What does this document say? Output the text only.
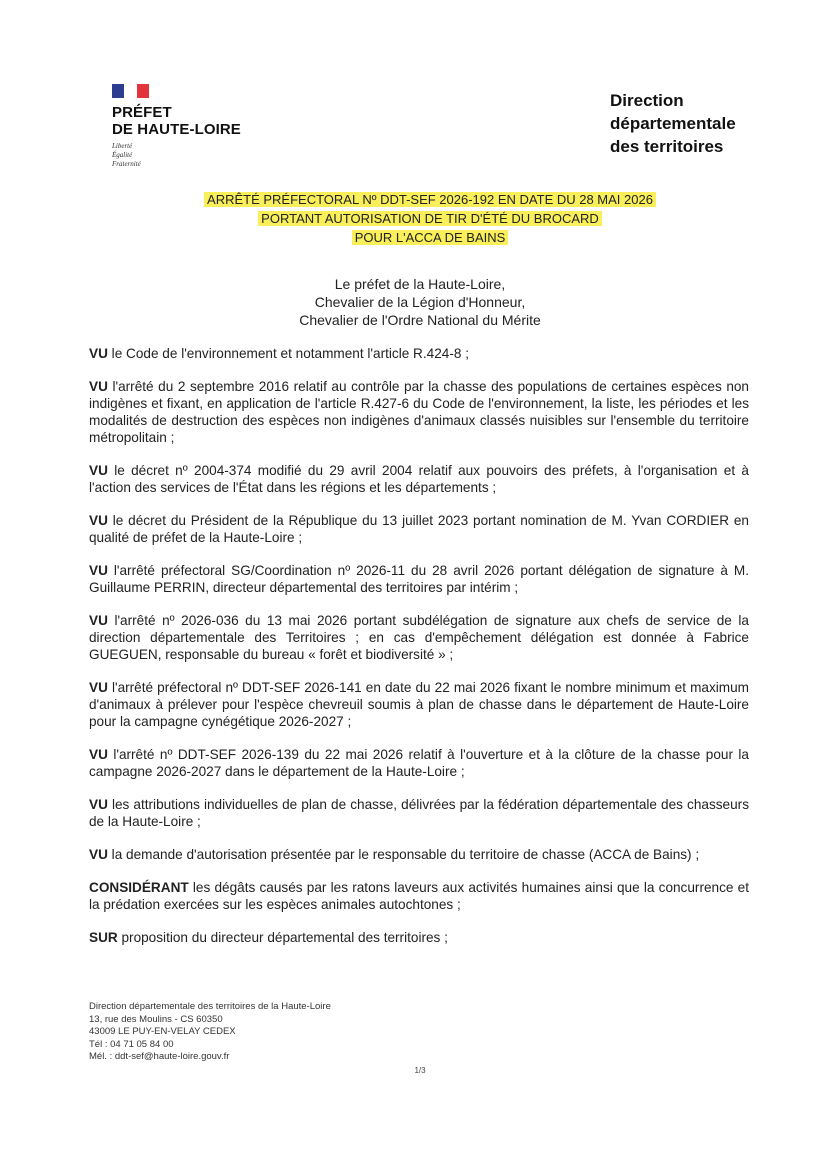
PRÉFET
DE HAUTE-LOIRE
Liberté
Égalité
Fraternité
Direction
départementale
des territoires
ARRÊTÉ PRÉFECTORAL Nº DDT-SEF 2026-192 EN DATE DU 28 MAI 2026
PORTANT AUTORISATION DE TIR D'ÉTÉ DU BROCARD
POUR L'ACCA DE BAINS
Le préfet de la Haute-Loire,
Chevalier de la Légion d'Honneur,
Chevalier de l'Ordre National du Mérite

VU le Code de l'environnement et notamment l'article R.424-8 ;

VU l'arrêté du 2 septembre 2016 relatif au contrôle par la chasse des populations de certaines espèces non indigènes et fixant, en application de l'article R.427-6 du Code de l'environnement, la liste, les périodes et les modalités de destruction des espèces non indigènes d'animaux classés nuisibles sur l'ensemble du territoire métropolitain ;

VU le décret nº 2004-374 modifié du 29 avril 2004 relatif aux pouvoirs des préfets, à l'organisation et à l'action des services de l'État dans les régions et les départements ;

VU le décret du Président de la République du 13 juillet 2023 portant nomination de M. Yvan CORDIER en qualité de préfet de la Haute-Loire ;

VU l'arrêté préfectoral SG/Coordination nº 2026-11 du 28 avril 2026 portant délégation de signature à M. Guillaume PERRIN, directeur départemental des territoires par intérim ;

VU l'arrêté nº 2026-036 du 13 mai 2026 portant subdélégation de signature aux chefs de service de la direction départementale des Territoires ; en cas d'empêchement délégation est donnée à Fabrice GUEGUEN, responsable du bureau « forêt et biodiversité » ;

VU l'arrêté préfectoral nº DDT-SEF 2026-141 en date du 22 mai 2026 fixant le nombre minimum et maximum d'animaux à prélever pour l'espèce chevreuil soumis à plan de chasse dans le département de Haute-Loire pour la campagne cynégétique 2026-2027 ;

VU l'arrêté nº DDT-SEF 2026-139 du 22 mai 2026 relatif à l'ouverture et à la clôture de la chasse pour la campagne 2026-2027 dans le département de la Haute-Loire ;

VU les attributions individuelles de plan de chasse, délivrées par la fédération départementale des chasseurs de la Haute-Loire ;

VU la demande d'autorisation présentée par le responsable du territoire de chasse (ACCA de Bains) ;

CONSIDÉRANT les dégâts causés par les ratons laveurs aux activités humaines ainsi que la concurrence et la prédation exercées sur les espèces animales autochtones ;

SUR proposition du directeur départemental des territoires ;

Direction départementale des territoires de la Haute-Loire
13, rue des Moulins - CS 60350
43009 LE PUY-EN-VELAY CEDEX
Tél : 04 71 05 84 00
Mél. : ddt-sef@haute-loire.gouv.fr
1/3
